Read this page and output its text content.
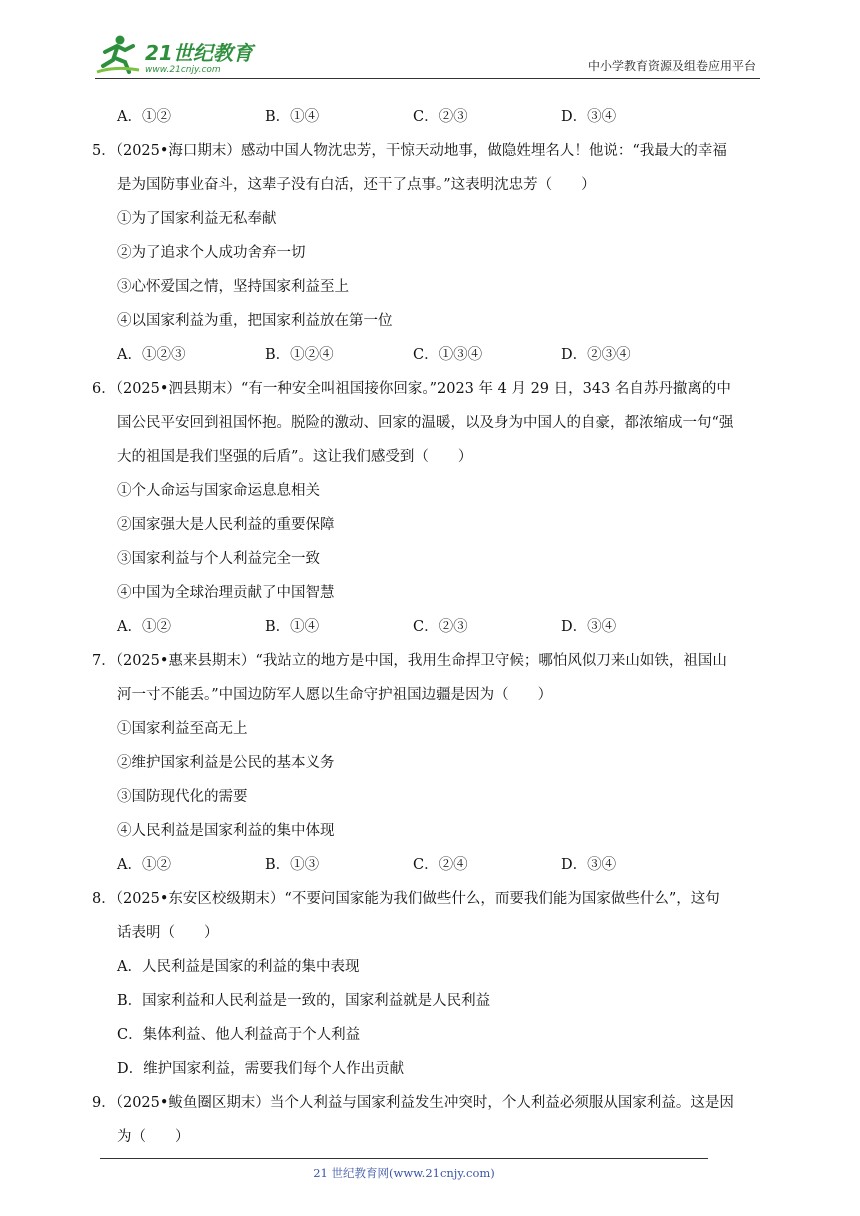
21世纪教育
www.21cnjy.com	中小学教育资源及组卷应用平台
A．①②	B．①④	C．②③	D．③④
5．（2025•海口期末）感动中国人物沈忠芳，干惊天动地事，做隐姓埋名人！他说：“我最大的幸福
是为国防事业奋斗，这辈子没有白活，还干了点事。”这表明沈忠芳（　　）
①为了国家利益无私奉献
②为了追求个人成功舍弃一切
③心怀爱国之情，坚持国家利益至上
④以国家利益为重，把国家利益放在第一位
A．①②③	B．①②④	C．①③④	D．②③④
6．（2025•泗县期末）“有一种安全叫祖国接你回家。”2023 年 4 月 29 日，343 名自苏丹撤离的中
国公民平安回到祖国怀抱。脱险的激动、回家的温暖，以及身为中国人的自豪，都浓缩成一句“强
大的祖国是我们坚强的后盾”。这让我们感受到（　　）
①个人命运与国家命运息息相关
②国家强大是人民利益的重要保障
③国家利益与个人利益完全一致
④中国为全球治理贡献了中国智慧
A．①②	B．①④	C．②③	D．③④
7．（2025•惠来县期末）“我站立的地方是中国，我用生命捍卫守候；哪怕风似刀来山如铁，祖国山
河一寸不能丢。”中国边防军人愿以生命守护祖国边疆是因为（　　）
①国家利益至高无上
②维护国家利益是公民的基本义务
③国防现代化的需要
④人民利益是国家利益的集中体现
A．①②	B．①③	C．②④	D．③④
8．（2025•东安区校级期末）“不要问国家能为我们做些什么，而要我们能为国家做些什么”，这句
话表明（　　）
A．人民利益是国家的利益的集中表现
B．国家利益和人民利益是一致的，国家利益就是人民利益
C．集体利益、他人利益高于个人利益
D．维护国家利益，需要我们每个人作出贡献
9．（2025•鲅鱼圈区期末）当个人利益与国家利益发生冲突时，个人利益必须服从国家利益。这是因
为（　　）
21 世纪教育网(www.21cnjy.com)
